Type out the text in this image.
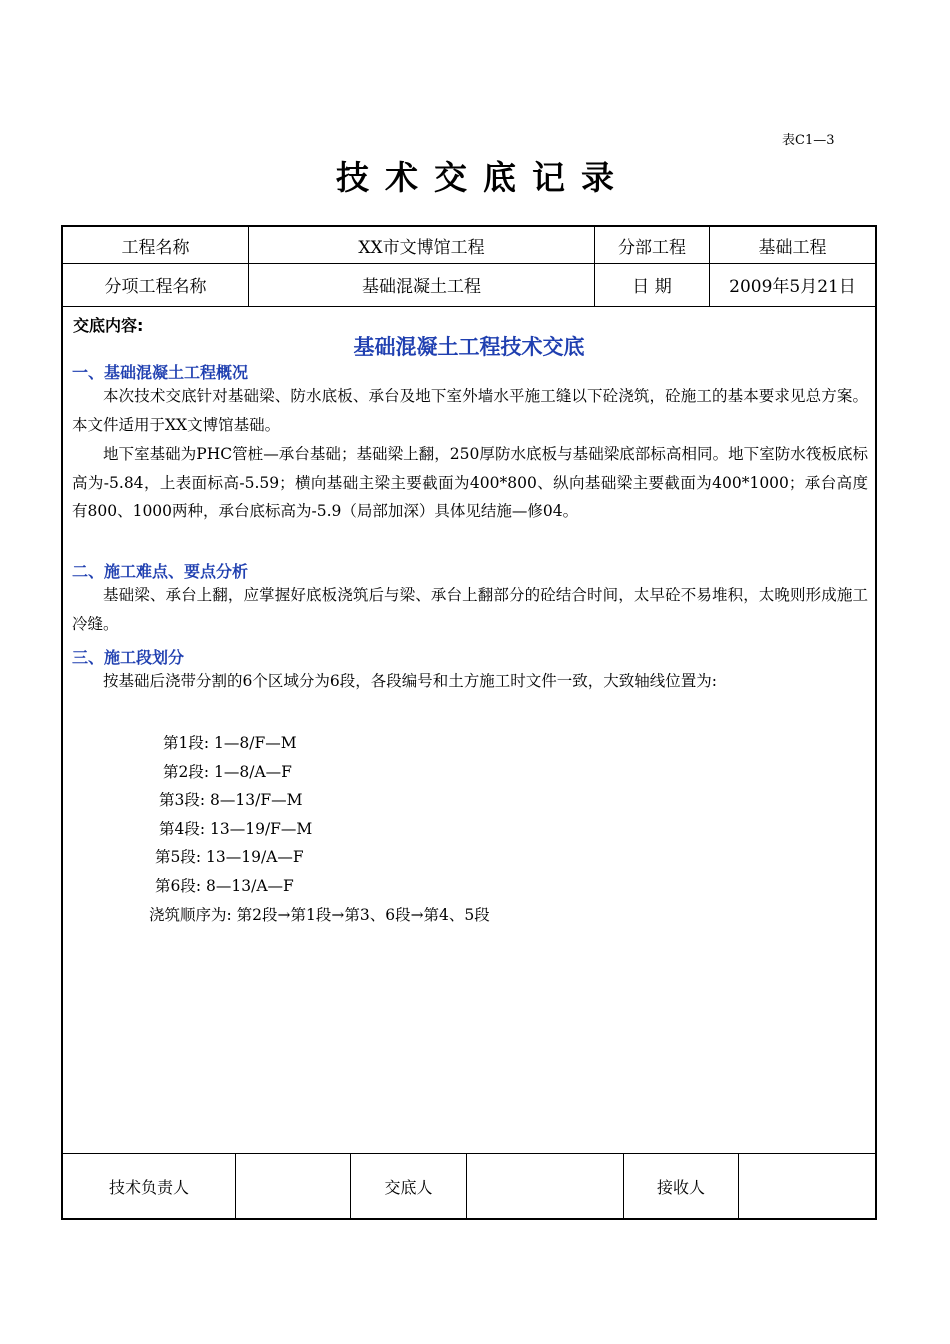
表C1—3
技术交底记录
工程名称	XX市文博馆工程	分部工程	基础工程
分项工程名称	基础混凝土工程	日 期	2009年5月21日
交底内容:
基础混凝土工程技术交底
一、基础混凝土工程概况
本次技术交底针对基础梁、防水底板、承台及地下室外墙水平施工缝以下砼浇筑，砼施工的基本要求见总方案。本文件适用于XX文博馆基础。
地下室基础为PHC管桩—承台基础；基础梁上翻，250厚防水底板与基础梁底部标高相同。地下室防水筏板底标高为-5.84，上表面标高-5.59；横向基础主梁主要截面为400*800、纵向基础梁主要截面为400*1000；承台高度有800、1000两种，承台底标高为-5.9（局部加深）具体见结施—修04。
二、施工难点、要点分析
基础梁、承台上翻，应掌握好底板浇筑后与梁、承台上翻部分的砼结合时间，太早砼不易堆积，太晚则形成施工冷缝。
三、施工段划分
按基础后浇带分割的6个区域分为6段，各段编号和土方施工时文件一致，大致轴线位置为:
第1段: 1—8/F—M
第2段: 1—8/A—F
第3段: 8—13/F—M
第4段: 13—19/F—M
第5段: 13—19/A—F
第6段: 8—13/A—F
浇筑顺序为: 第2段→第1段→第3、6段→第4、5段
技术负责人	交底人	接收人
